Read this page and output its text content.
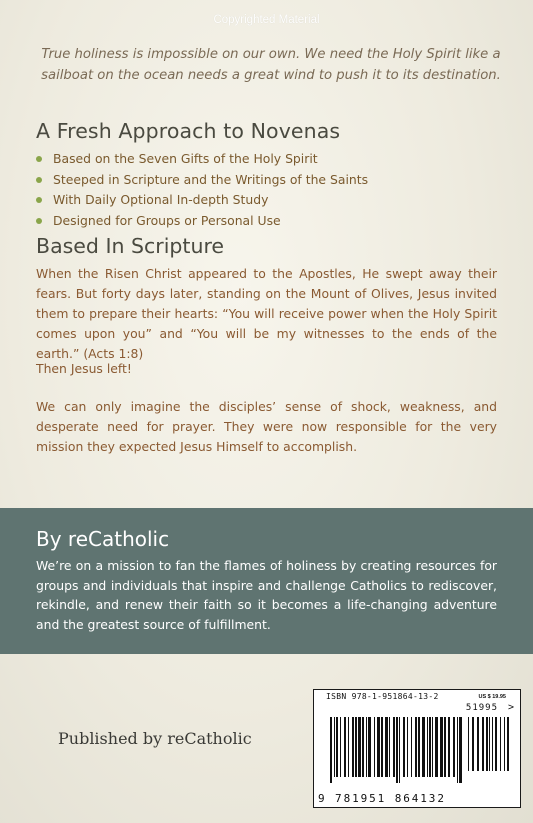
Copyrighted Material
True holiness is impossible on our own. We need the Holy Spirit like a sailboat on the ocean needs a great wind to push it to its destination.
A Fresh Approach to Novenas
Based on the Seven Gifts of the Holy Spirit
Steeped in Scripture and the Writings of the Saints
With Daily Optional In-depth Study
Designed for Groups or Personal Use
Based In Scripture

When the Risen Christ appeared to the Apostles, He swept away their fears. But forty days later, standing on the Mount of Olives, Jesus invited them to prepare their hearts: “You will receive power when the Holy Spirit comes upon you” and “You will be my witnesses to the ends of the earth.” (Acts 1:8)

Then Jesus left!

We can only imagine the disciples’ sense of shock, weakness, and desperate need for prayer. They were now responsible for the very mission they expected Jesus Himself to accomplish.

By reCatholic

We’re on a mission to fan the flames of holiness by creating resources for groups and individuals that inspire and challenge Catholics to rediscover, rekindle, and renew their faith so it becomes a life-changing adventure and the greatest source of fulfillment.

Published by reCatholic
ISBN 978-1-951864-13-2	US $ 19.95
51995 >
9 781951 864132
